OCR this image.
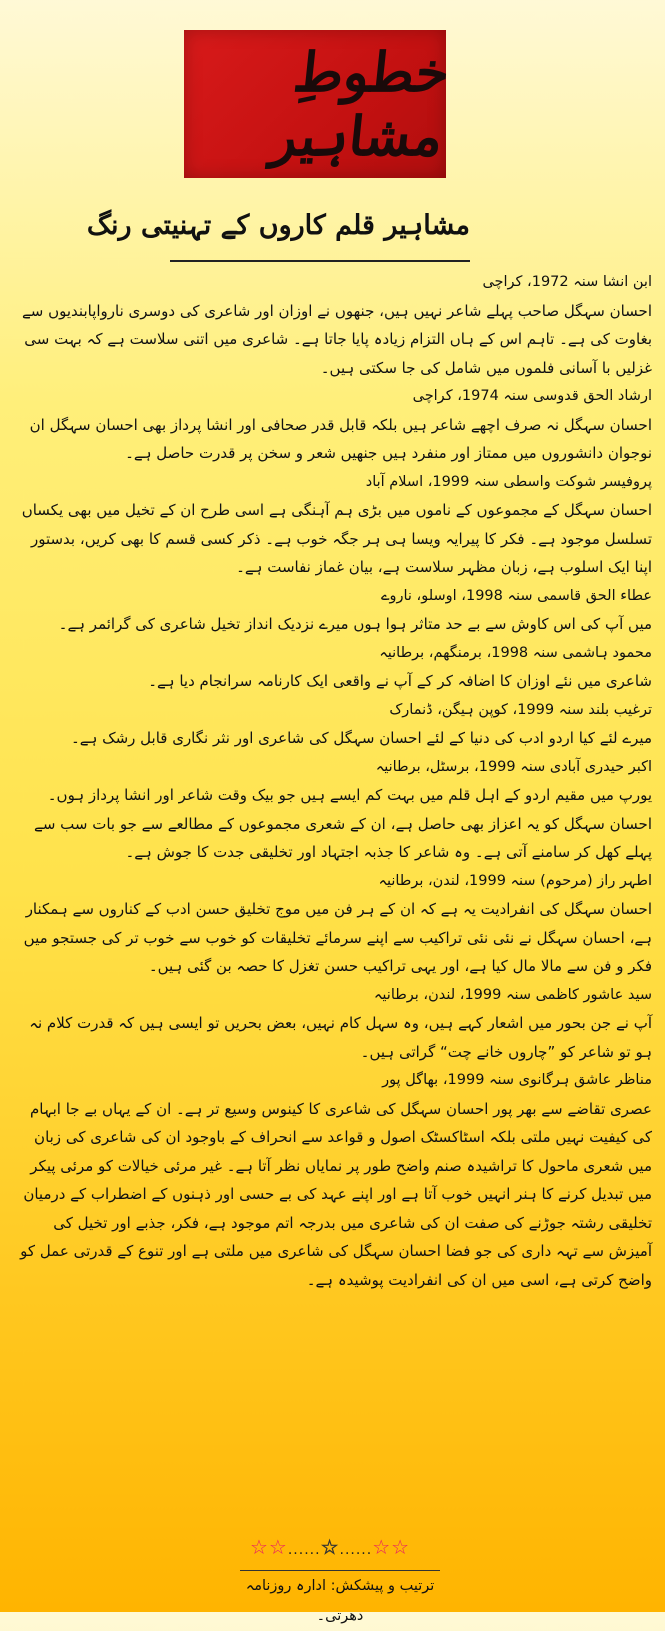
خطوطِ مشاہیر
مشاہیر قلم کاروں کے تہنیتی رنگ

ابن انشا سنہ 1972، کراچی

احسان سہگل صاحب پہلے شاعر نہیں ہیں، جنھوں نے اوزان اور شاعری کی دوسری نارواپابندیوں سے بغاوت کی ہے۔ تاہم اس کے ہاں التزام زیادہ پایا جاتا ہے۔ شاعری میں اتنی سلاست ہے کہ بہت سی غزلیں با آسانی فلموں میں شامل کی جا سکتی ہیں۔

ارشاد الحق قدوسی سنہ 1974، کراچی

احسان سہگل نہ صرف اچھے شاعر ہیں بلکہ قابل قدر صحافی اور انشا پرداز بھی احسان سہگل ان نوجوان دانشوروں میں ممتاز اور منفرد ہیں جنھیں شعر و سخن پر قدرت حاصل ہے۔

پروفیسر شوکت واسطی سنہ 1999، اسلام آباد

احسان سہگل کے مجموعوں کے ناموں میں بڑی ہم آہنگی ہے اسی طرح ان کے تخیل میں بھی یکساں تسلسل موجود ہے۔ فکر کا پیرایہ ویسا ہی ہر جگہ خوب ہے۔ ذکر کسی قسم کا بھی کریں، بدستور اپنا ایک اسلوب ہے، زبان مظہر سلاست ہے، بیان غماز نفاست ہے۔

عطاء الحق قاسمی سنہ 1998، اوسلو، ناروے

میں آپ کی اس کاوش سے بے حد متاثر ہوا ہوں میرے نزدیک انداز تخیل شاعری کی گرائمر ہے۔

محمود ہاشمی سنہ 1998، برمنگھم، برطانیہ

شاعری میں نئے اوزان کا اضافہ کر کے آپ نے واقعی ایک کارنامہ سرانجام دیا ہے۔

ترغیب بلند سنہ 1999، کوپن ہیگن، ڈنمارک

میرے لئے کیا اردو ادب کی دنیا کے لئے احسان سہگل کی شاعری اور نثر نگاری قابل رشک ہے۔

اکبر حیدری آبادی سنہ 1999، برسٹل، برطانیہ

یورپ میں مقیم اردو کے اہل قلم میں بہت کم ایسے ہیں جو بیک وقت شاعر اور انشا پرداز ہوں۔ احسان سہگل کو یہ اعزاز بھی حاصل ہے، ان کے شعری مجموعوں کے مطالعے سے جو بات سب سے پہلے کھل کر سامنے آتی ہے۔ وہ شاعر کا جذبہ اجتہاد اور تخلیقی جدت کا جوش ہے۔

اطہر راز (مرحوم) سنہ 1999، لندن، برطانیہ

احسان سہگل کی انفرادیت یہ ہے کہ ان کے ہر فن میں موج تخلیق حسن ادب کے کناروں سے ہمکنار ہے، احسان سہگل نے نئی نئی تراکیب سے اپنے سرمائے تخلیقات کو خوب سے خوب تر کی جستجو میں فکر و فن سے مالا مال کیا ہے، اور یہی تراکیب حسن تغزل کا حصہ بن گئی ہیں۔

سید عاشور کاظمی سنہ 1999، لندن، برطانیہ

آپ نے جن بحور میں اشعار کہے ہیں، وہ سہل کام نہیں، بعض بحریں تو ایسی ہیں کہ قدرت کلام نہ ہو تو شاعر کو ”چاروں خانے چت“ گراتی ہیں۔

مناظر عاشق ہرگانوی سنہ 1999، بھاگل پور

عصری تقاضے سے بھر پور احسان سہگل کی شاعری کا کینوس وسیع تر ہے۔ ان کے یہاں بے جا ابہام کی کیفیت نہیں ملتی بلکہ اسٹاکسٹک اصول و قواعد سے انحراف کے باوجود ان کی شاعری کی زبان میں شعری ماحول کا تراشیدہ صنم واضح طور پر نمایاں نظر آتا ہے۔ غیر مرئی خیالات کو مرئی پیکر میں تبدیل کرنے کا ہنر انہیں خوب آتا ہے اور اپنے عہد کی بے حسی اور ذہنوں کے اضطراب کے درمیان تخلیقی رشتہ جوڑنے کی صفت ان کی شاعری میں بدرجہ اتم موجود ہے، فکر، جذبے اور تخیل کی آمیزش سے تہہ داری کی جو فضا احسان سہگل کی شاعری میں ملتی ہے اور تنوع کے قدرتی عمل کو واضح کرتی ہے، اسی میں ان کی انفرادیت پوشیدہ ہے۔

☆☆......☆......☆☆
ترتیب و پیشکش: ادارہ روزنامہ دھرتی۔
